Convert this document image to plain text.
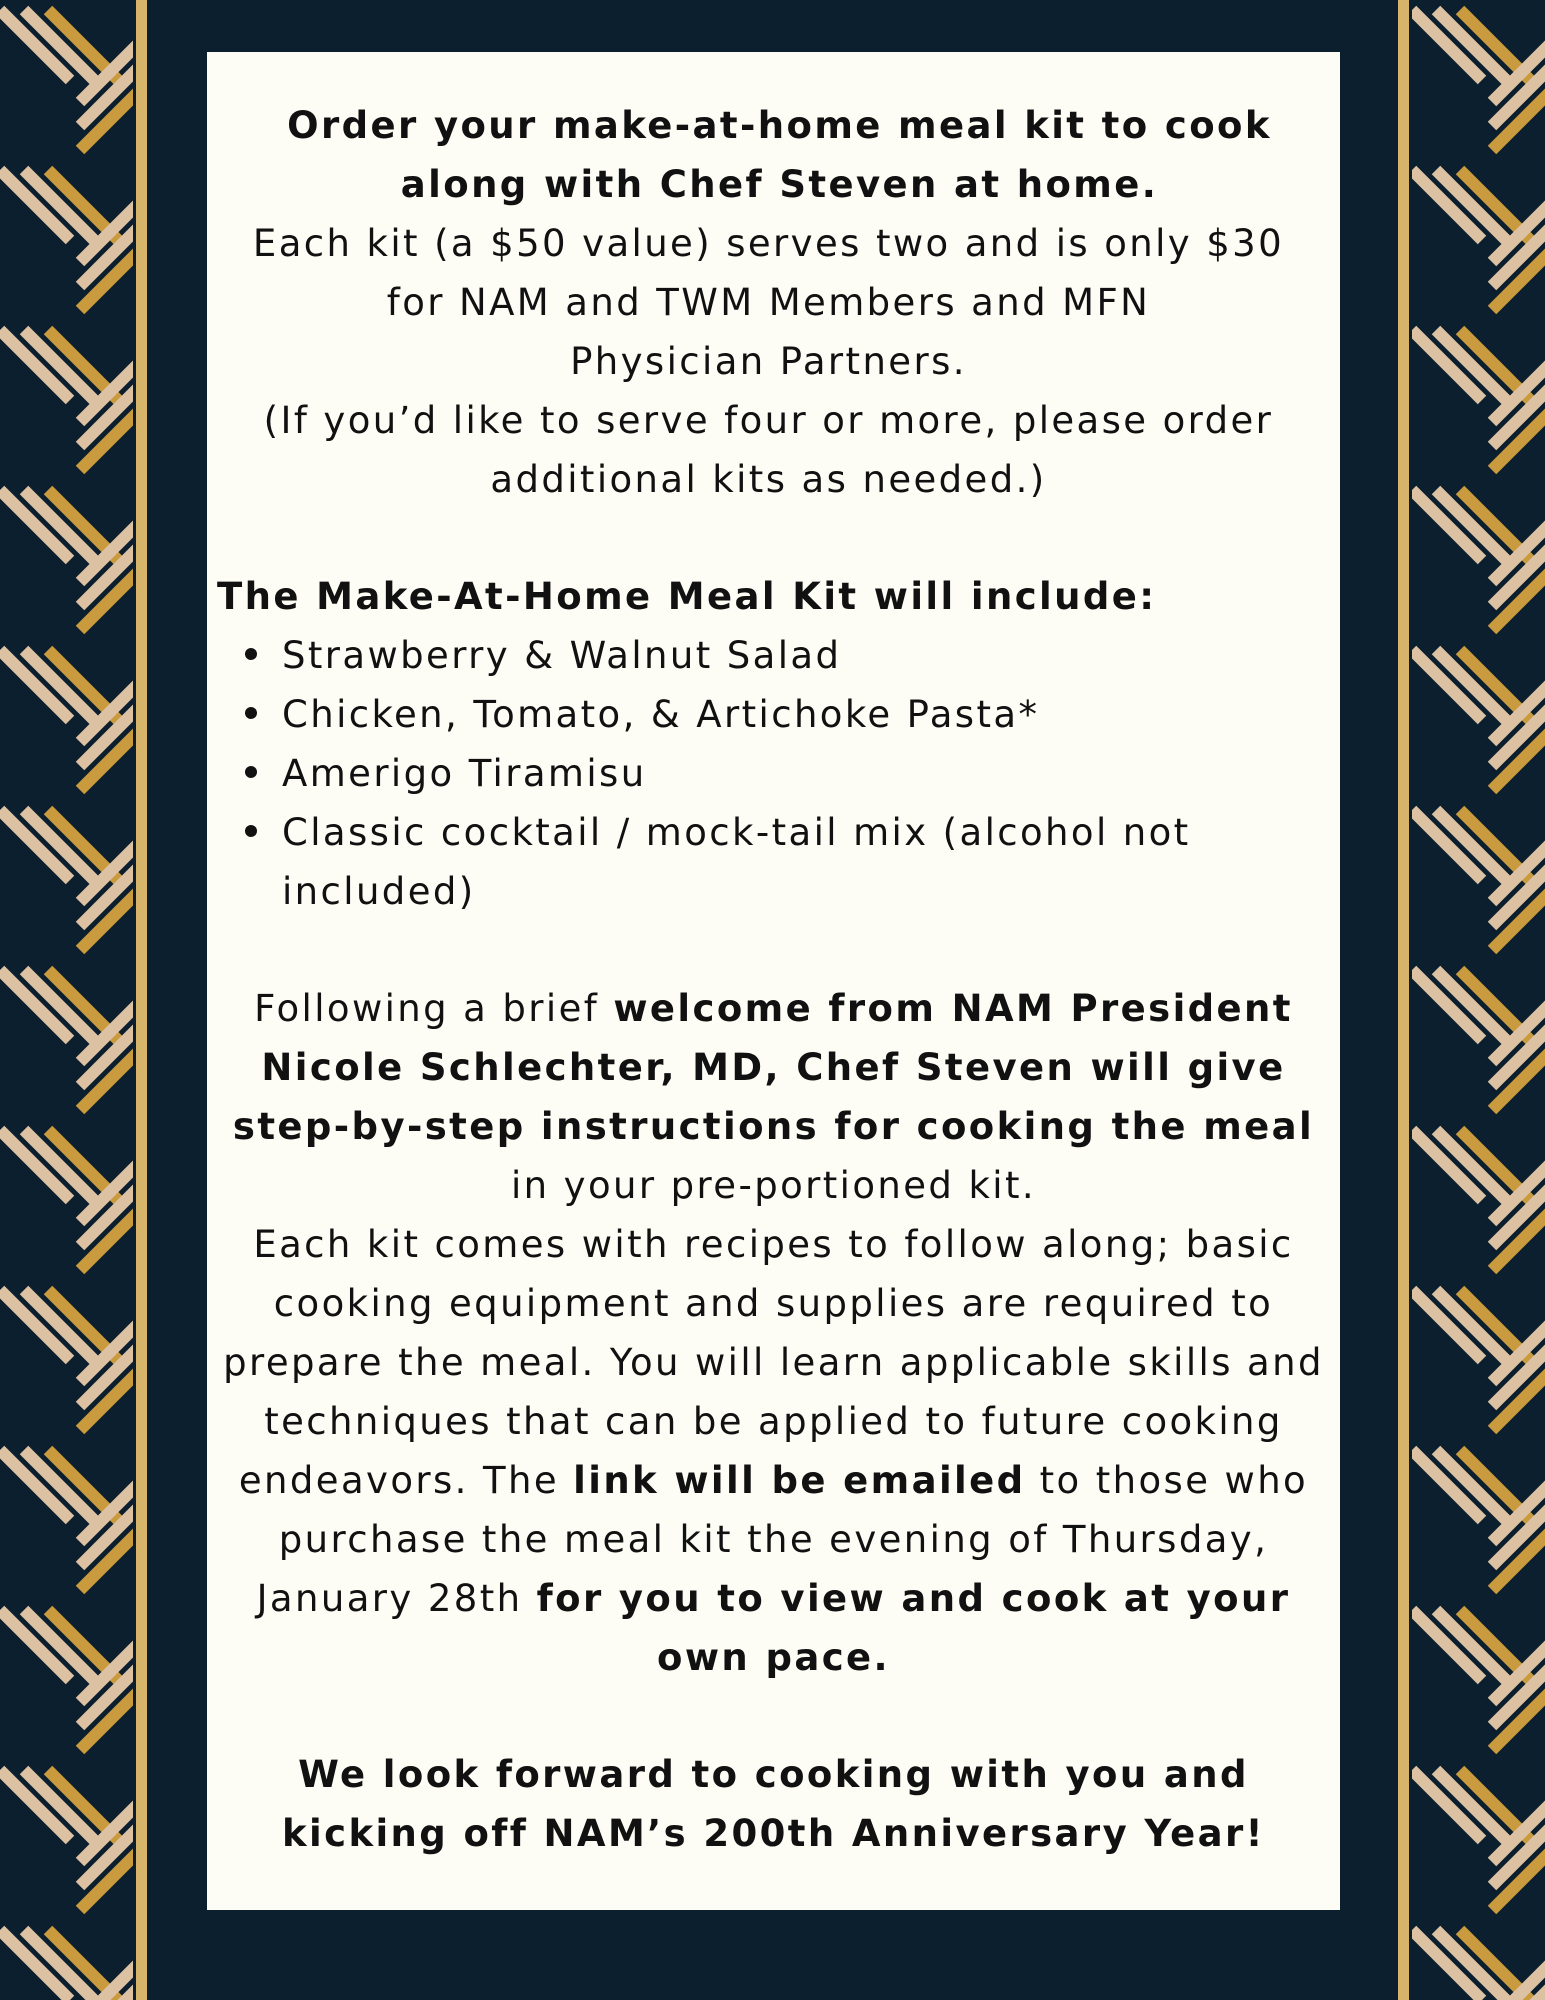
Order your make-at-home meal kit to cook along with Chef Steven at home.
Each kit (a $50 value) serves two and is only $30 for NAM and TWM Members and MFN
Physician Partners.
(If you’d like to serve four or more, please order additional kits as needed.)
The Make-At-Home Meal Kit will include:
Strawberry & Walnut Salad
Chicken, Tomato, & Artichoke Pasta*
Amerigo Tiramisu
Classic cocktail / mock-tail mix (alcohol not included)
Following a brief welcome from NAM President Nicole Schlechter, MD, Chef Steven will give step-by-step instructions for cooking the meal in your pre-portioned kit.
Each kit comes with recipes to follow along; basic cooking equipment and supplies are required to prepare the meal. You will learn applicable skills and techniques that can be applied to future cooking endeavors. The link will be emailed to those who purchase the meal kit the evening of Thursday, January 28th for you to view and cook at your own pace.
We look forward to cooking with you and kicking off NAM’s 200th Anniversary Year!
